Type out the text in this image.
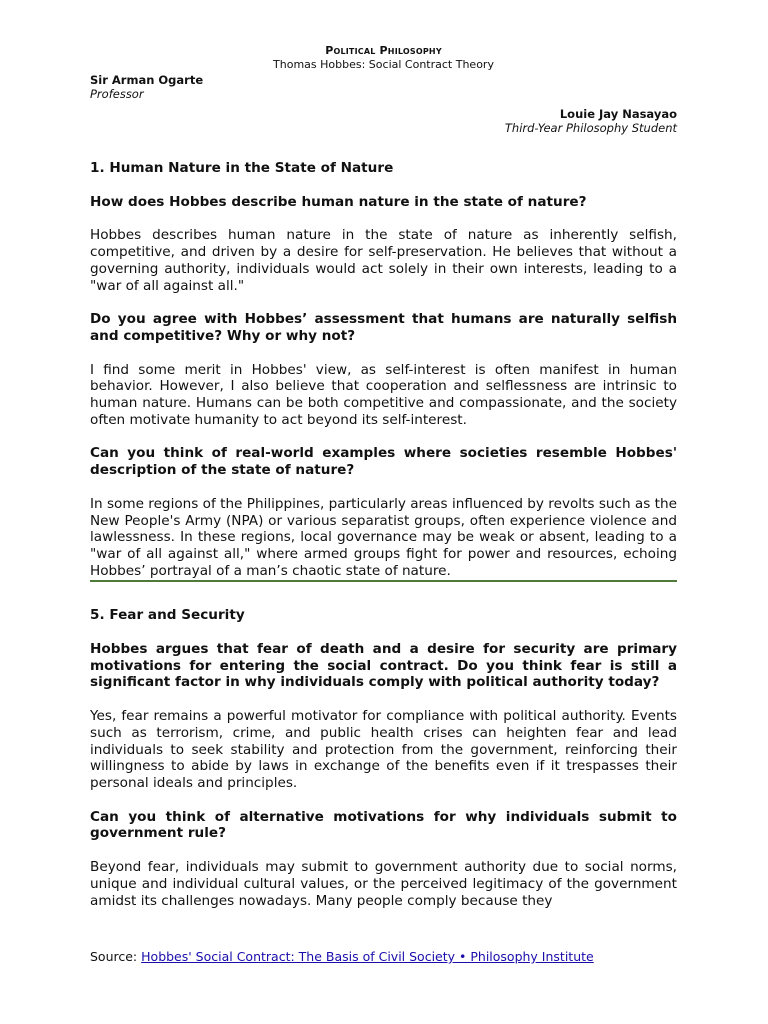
Political Philosophy
Thomas Hobbes: Social Contract Theory
Sir Arman Ogarte
Professor
Louie Jay Nasayao
Third-Year Philosophy Student

1. Human Nature in the State of Nature

How does Hobbes describe human nature in the state of nature?

Hobbes describes human nature in the state of nature as inherently selfish, competitive, and driven by a desire for self-preservation. He believes that without a governing authority, individuals would act solely in their own interests, leading to a "war of all against all."

Do you agree with Hobbes’ assessment that humans are naturally selfish and competitive? Why or why not?

I find some merit in Hobbes' view, as self-interest is often manifest in human behavior. However, I also believe that cooperation and selflessness are intrinsic to human nature. Humans can be both competitive and compassionate, and the society often motivate humanity to act beyond its self-interest.

Can you think of real-world examples where societies resemble Hobbes' description of the state of nature?

In some regions of the Philippines, particularly areas influenced by revolts such as the New People's Army (NPA) or various separatist groups, often experience violence and lawlessness. In these regions, local governance may be weak or absent, leading to a "war of all against all," where armed groups fight for power and resources, echoing Hobbes’ portrayal of a man’s chaotic state of nature.

5. Fear and Security

Hobbes argues that fear of death and a desire for security are primary motivations for entering the social contract. Do you think fear is still a significant factor in why individuals comply with political authority today?

Yes, fear remains a powerful motivator for compliance with political authority. Events such as terrorism, crime, and public health crises can heighten fear and lead individuals to seek stability and protection from the government, reinforcing their willingness to abide by laws in exchange of the benefits even if it trespasses their personal ideals and principles.

Can you think of alternative motivations for why individuals submit to government rule?

Beyond fear, individuals may submit to government authority due to social norms, unique and individual cultural values, or the perceived legitimacy of the government amidst its challenges nowadays. Many people comply because they
Source: Hobbes' Social Contract: The Basis of Civil Society • Philosophy Institute
